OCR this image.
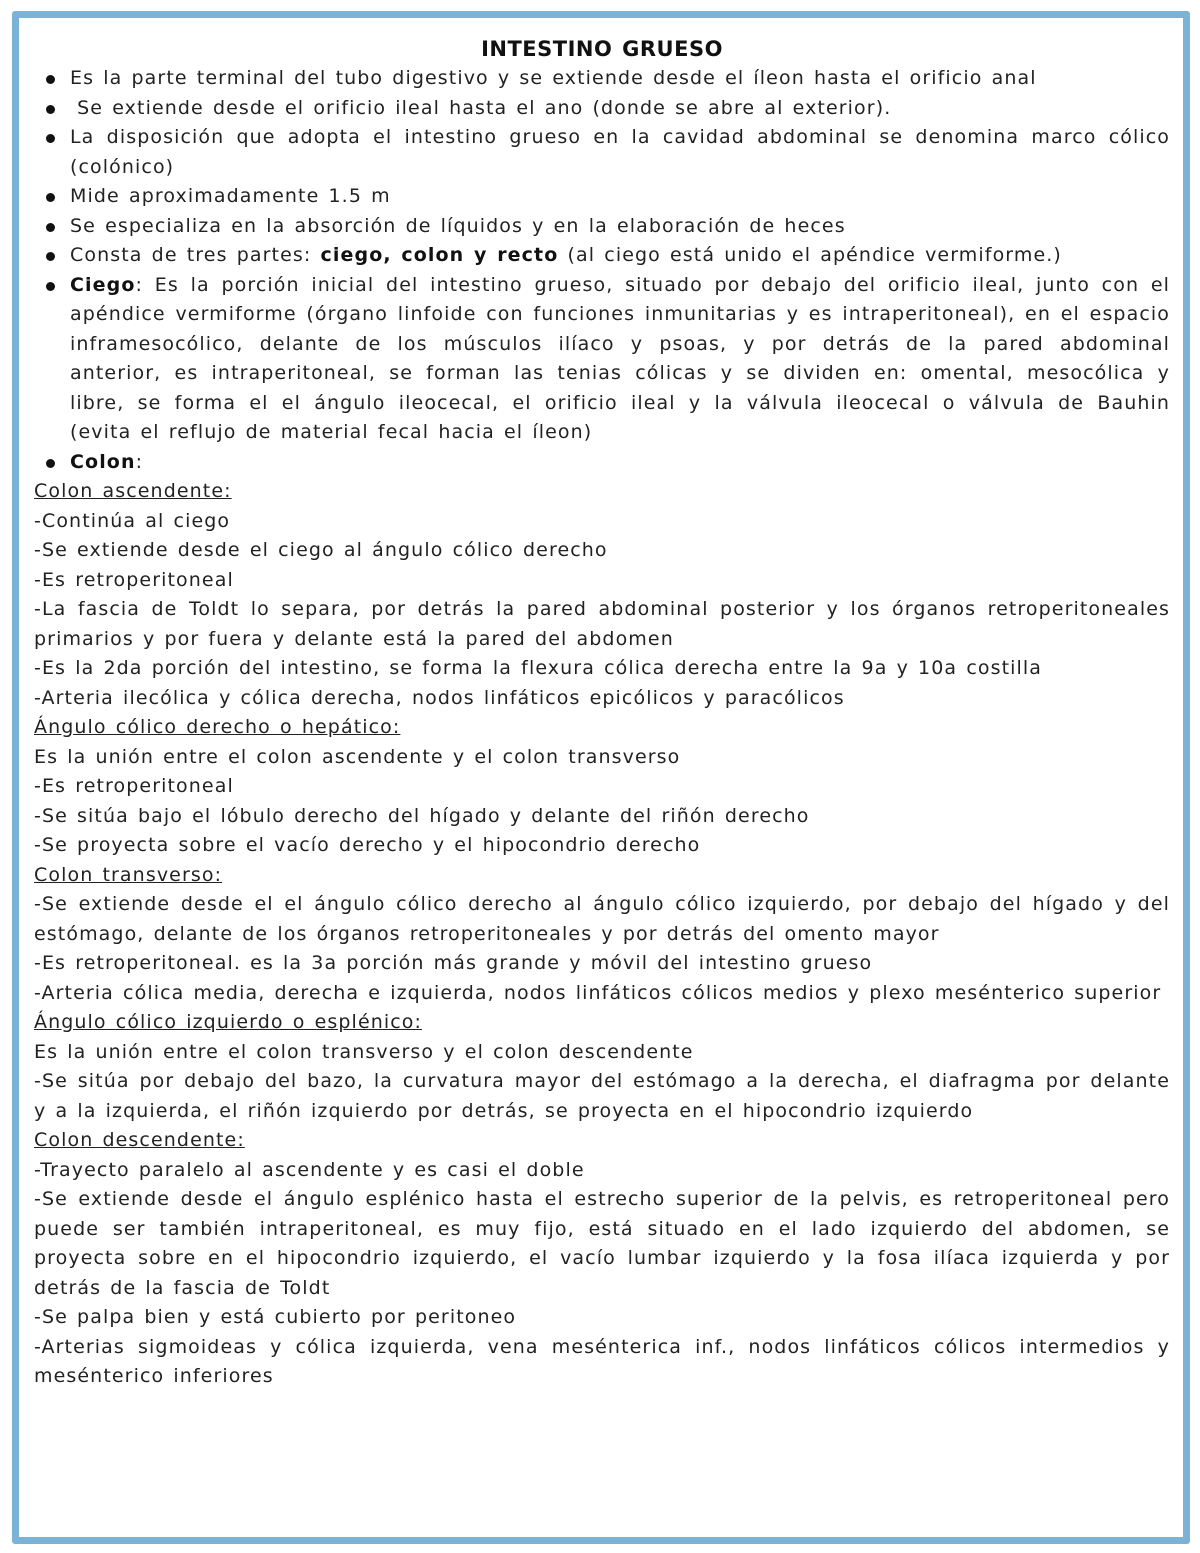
INTESTINO GRUESO
Es la parte terminal del tubo digestivo y se extiende desde el íleon hasta el orificio anal
Se extiende desde el orificio ileal hasta el ano (donde se abre al exterior).
La disposición que adopta el intestino grueso en la cavidad abdominal se denomina marco cólico (colónico)
Mide aproximadamente 1.5 m
Se especializa en la absorción de líquidos y en la elaboración de heces
Consta de tres partes: ciego, colon y recto (al ciego está unido el apéndice vermiforme.)
Ciego: Es la porción inicial del intestino grueso, situado por debajo del orificio ileal, junto con el apéndice vermiforme (órgano linfoide con funciones inmunitarias y es intraperitoneal), en el espacio inframesocólico, delante de los músculos ilíaco y psoas, y por detrás de la pared abdominal anterior, es intraperitoneal, se forman las tenias cólicas y se dividen en: omental, mesocólica y libre, se forma el el ángulo ileocecal, el orificio ileal y la válvula ileocecal o válvula de Bauhin (evita el reflujo de material fecal hacia el íleon)
Colon:
Colon ascendente:
-Continúa al ciego
-Se extiende desde el ciego al ángulo cólico derecho
-Es retroperitoneal
-La fascia de Toldt lo separa, por detrás la pared abdominal posterior y los órganos retroperitoneales primarios y por fuera y delante está la pared del abdomen
-Es la 2da porción del intestino, se forma la flexura cólica derecha entre la 9a y 10a costilla
-Arteria ilecólica y cólica derecha, nodos linfáticos epicólicos y paracólicos
Ángulo cólico derecho o hepático:
Es la unión entre el colon ascendente y el colon transverso
-Es retroperitoneal
-Se sitúa bajo el lóbulo derecho del hígado y delante del riñón derecho
-Se proyecta sobre el vacío derecho y el hipocondrio derecho
Colon transverso:
-Se extiende desde el el ángulo cólico derecho al ángulo cólico izquierdo, por debajo del hígado y del estómago, delante de los órganos retroperitoneales y por detrás del omento mayor
-Es retroperitoneal. es la 3a porción más grande y móvil del intestino grueso
-Arteria cólica media, derecha e izquierda, nodos linfáticos cólicos medios y plexo mesénterico superior
Ángulo cólico izquierdo o esplénico:
Es la unión entre el colon transverso y el colon descendente
-Se sitúa por debajo del bazo, la curvatura mayor del estómago a la derecha, el diafragma por delante y a la izquierda, el riñón izquierdo por detrás, se proyecta en el hipocondrio izquierdo
Colon descendente:
-Trayecto paralelo al ascendente y es casi el doble
-Se extiende desde el ángulo esplénico hasta el estrecho superior de la pelvis, es retroperitoneal pero puede ser también intraperitoneal, es muy fijo, está situado en el lado izquierdo del abdomen, se proyecta sobre en el hipocondrio izquierdo, el vacío lumbar izquierdo y la fosa ilíaca izquierda y por detrás de la fascia de Toldt
-Se palpa bien y está cubierto por peritoneo
-Arterias sigmoideas y cólica izquierda, vena mesénterica inf., nodos linfáticos cólicos intermedios y mesénterico inferiores
